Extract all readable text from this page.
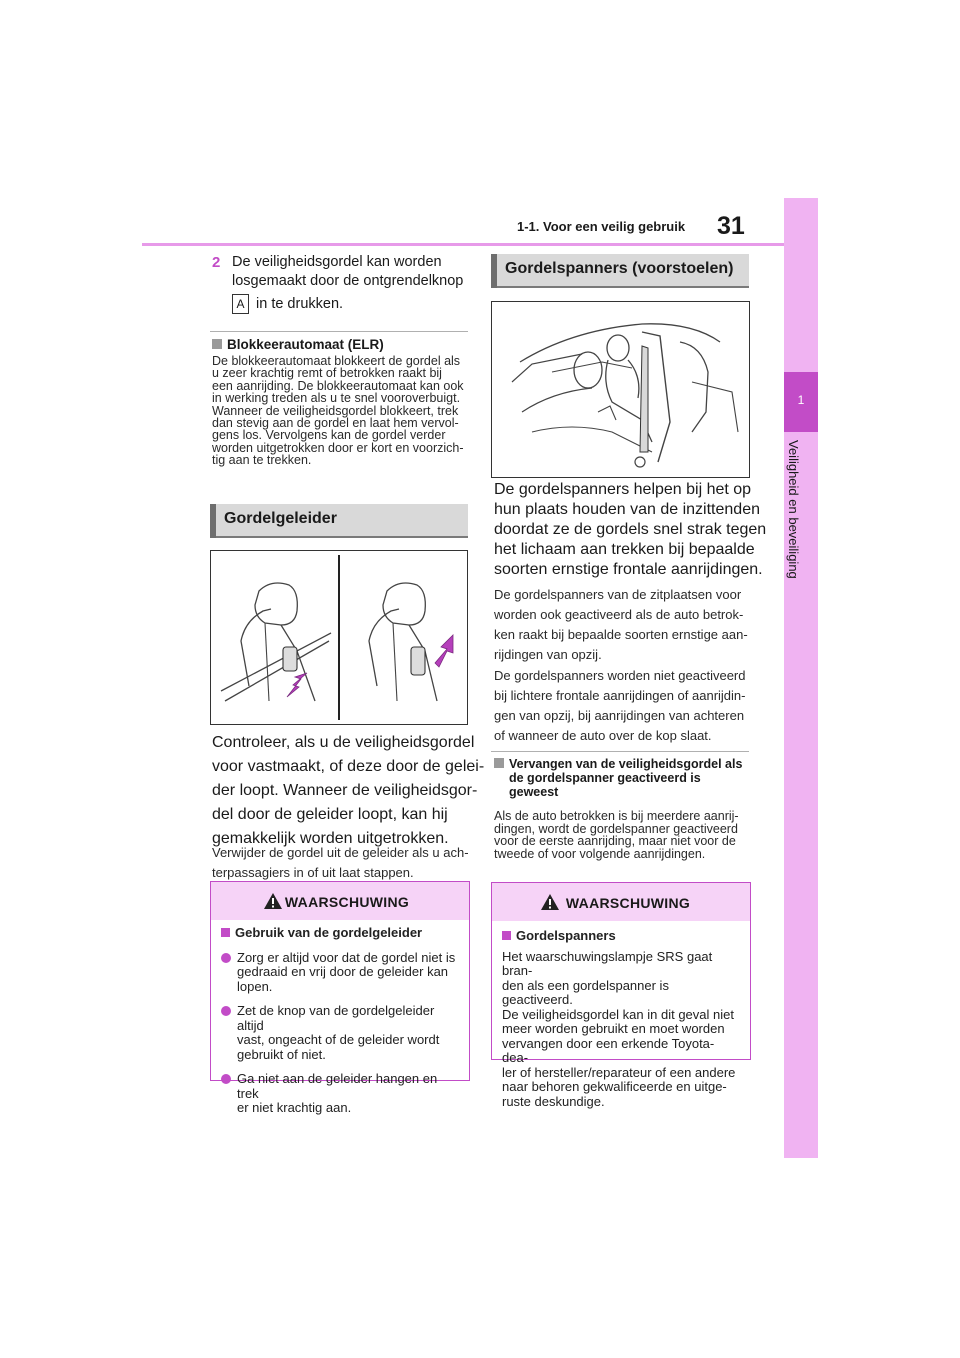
1-1. Voor een veilig gebruik 31
1
Veiligheid en beveiliging
2 De veiligheidsgordel kan worden
losgemaakt door de ontgrendelknop
A in te drukken.
Blokkeerautomaat (ELR)
De blokkeerautomaat blokkeert de gordel als
u zeer krachtig remt of betrokken raakt bij
een aanrijding. De blokkeerautomaat kan ook
in werking treden als u te snel vooroverbuigt.
Wanneer de veiligheidsgordel blokkeert, trek
dan stevig aan de gordel en laat hem vervol-
gens los. Vervolgens kan de gordel verder
worden uitgetrokken door er kort en voorzich-
tig aan te trekken.
Gordelgeleider
Controleer, als u de veiligheidsgordel
voor vastmaakt, of deze door de gelei-
der loopt. Wanneer de veiligheidsgor-
del door de geleider loopt, kan hij
gemakkelijk worden uitgetrokken.
Verwijder de gordel uit de geleider als u ach-
terpassagiers in of uit laat stappen.
WAARSCHUWING
Gebruik van de gordelgeleider
Zorg er altijd voor dat de gordel niet is
gedraaid en vrij door de geleider kan
lopen.
Zet de knop van de gordelgeleider altijd
vast, ongeacht of de geleider wordt
gebruikt of niet.
Ga niet aan de geleider hangen en trek
er niet krachtig aan.
Gordelspanners (voorstoelen)
De gordelspanners helpen bij het op
hun plaats houden van de inzittenden
doordat ze de gordels snel strak tegen
het lichaam aan trekken bij bepaalde
soorten ernstige frontale aanrijdingen.
De gordelspanners van de zitplaatsen voor
worden ook geactiveerd als de auto betrok-
ken raakt bij bepaalde soorten ernstige aan-
rijdingen van opzij.
De gordelspanners worden niet geactiveerd
bij lichtere frontale aanrijdingen of aanrijdin-
gen van opzij, bij aanrijdingen van achteren
of wanneer de auto over de kop slaat.
Vervangen van de veiligheidsgordel als
de gordelspanner geactiveerd is
geweest
Als de auto betrokken is bij meerdere aanrij-
dingen, wordt de gordelspanner geactiveerd
voor de eerste aanrijding, maar niet voor de
tweede of voor volgende aanrijdingen.
WAARSCHUWING
Gordelspanners
Het waarschuwingslampje SRS gaat bran-
den als een gordelspanner is geactiveerd.
De veiligheidsgordel kan in dit geval niet
meer worden gebruikt en moet worden
vervangen door een erkende Toyota-dea-
ler of hersteller/reparateur of een andere
naar behoren gekwalificeerde en uitge-
ruste deskundige.
